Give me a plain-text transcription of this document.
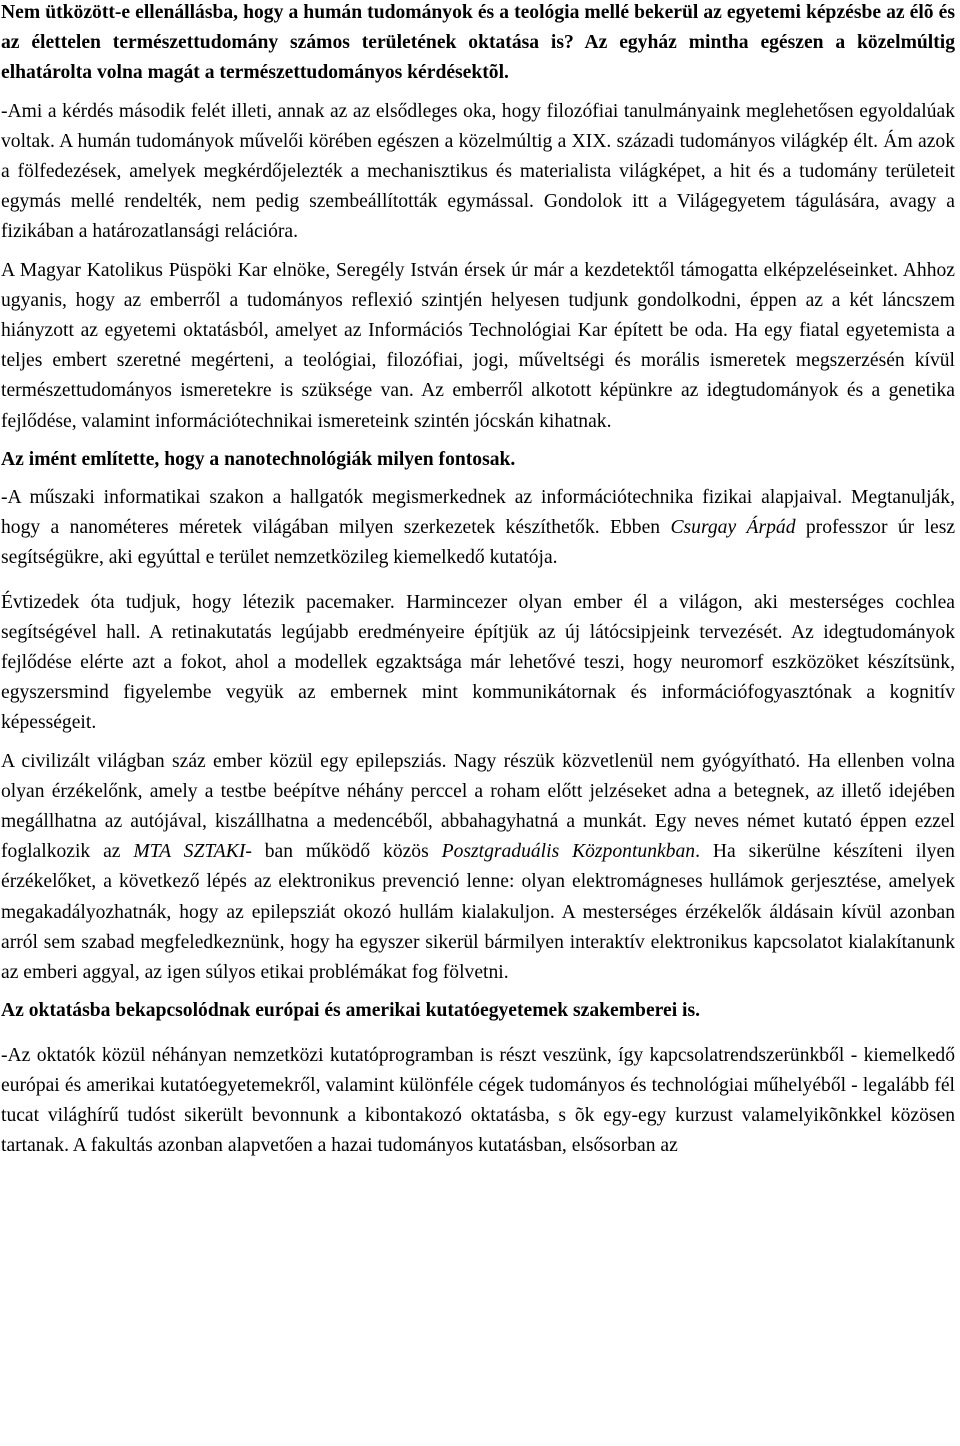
Nem ütközött-e ellenállásba, hogy a humán tudományok és a teológia mellé bekerül az egyetemi képzésbe az élõ és az élettelen természettudomány számos területének oktatása is? Az egyház mintha egészen a közelmúltig elhatárolta volna magát a természettudományos kérdésektõl.

-Ami a kérdés második felét illeti, annak az az elsődleges oka, hogy filozófiai tanulmányaink meglehetősen egyoldalúak voltak. A humán tudományok művelői körében egészen a közelmúltig a XIX. századi tudományos világkép élt. Ám azok a fölfedezések, amelyek megkérdőjelezték a mechanisztikus és materialista világképet, a hit és a tudomány területeit egymás mellé rendelték, nem pedig szembeállították egymással. Gondolok itt a Világegyetem tágulására, avagy a fizikában a határozatlansági relációra.

A Magyar Katolikus Püspöki Kar elnöke, Seregély István érsek úr már a kezdetektől támogatta elképzeléseinket. Ahhoz ugyanis, hogy az emberről a tudományos reflexió szintjén helyesen tudjunk gondolkodni, éppen az a két láncszem hiányzott az egyetemi oktatásból, amelyet az Információs Technológiai Kar épített be oda. Ha egy fiatal egyetemista a teljes embert szeretné megérteni, a teológiai, filozófiai, jogi, műveltségi és morális ismeretek megszerzésén kívül természettudományos ismeretekre is szüksége van. Az emberről alkotott képünkre az idegtudományok és a genetika fejlődése, valamint információtechnikai ismereteink szintén jócskán kihatnak.

Az imént említette, hogy a nanotechnológiák milyen fontosak.

-A műszaki informatikai szakon a hallgatók megismerkednek az információtechnika fizikai alapjaival. Megtanulják, hogy a nanométeres méretek világában milyen szerkezetek készíthetők. Ebben Csurgay Árpád professzor úr lesz segítségükre, aki egyúttal e terület nemzetközileg kiemelkedő kutatója.

Évtizedek óta tudjuk, hogy létezik pacemaker. Harmincezer olyan ember él a világon, aki mesterséges cochlea segítségével hall. A retinakutatás legújabb eredményeire építjük az új látócsipjeink tervezését. Az idegtudományok fejlődése elérte azt a fokot, ahol a modellek egzaktsága már lehetővé teszi, hogy neuromorf eszközöket készítsünk, egyszersmind figyelembe vegyük az embernek mint kommunikátornak és információfogyasztónak a kognitív képességeit.

A civilizált világban száz ember közül egy epilepsziás. Nagy részük közvetlenül nem gyógyítható. Ha ellenben volna olyan érzékelőnk, amely a testbe beépítve néhány perccel a roham előtt jelzéseket adna a betegnek, az illető idejében megállhatna az autójával, kiszállhatna a medencéből, abbahagyhatná a munkát. Egy neves német kutató éppen ezzel foglalkozik az MTA SZTAKI- ban működő közös Posztgraduális Központunkban. Ha sikerülne készíteni ilyen érzékelőket, a következő lépés az elektronikus prevenció lenne: olyan elektromágneses hullámok gerjesztése, amelyek megakadályozhatnák, hogy az epilepsziát okozó hullám kialakuljon. A mesterséges érzékelők áldásain kívül azonban arról sem szabad megfeledkeznünk, hogy ha egyszer sikerül bármilyen interaktív elektronikus kapcsolatot kialakítanunk az emberi aggyal, az igen súlyos etikai problémákat fog fölvetni.

Az oktatásba bekapcsolódnak európai és amerikai kutatóegyetemek szakemberei is.

-Az oktatók közül néhányan nemzetközi kutatóprogramban is részt veszünk, így kapcsolatrendszerünkből - kiemelkedő európai és amerikai kutatóegyetemekről, valamint különféle cégek tudományos és technológiai műhelyéből - legalább fél tucat világhírű tudóst sikerült bevonnunk a kibontakozó oktatásba, s õk egy-egy kurzust valamelyikõnkkel közösen tartanak. A fakultás azonban alapvetően a hazai tudományos kutatásban, elsősorban az
